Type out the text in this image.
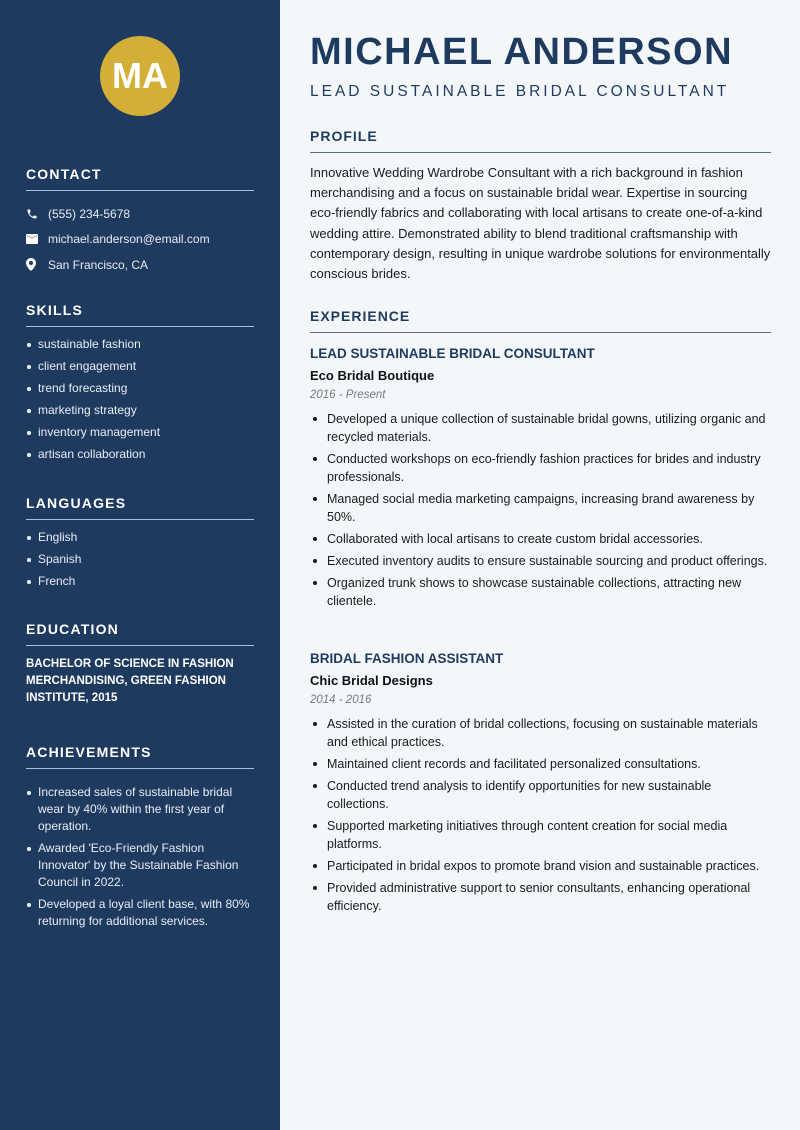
MA
CONTACT
(555) 234-5678
michael.anderson@email.com
San Francisco, CA
SKILLS
sustainable fashion
client engagement
trend forecasting
marketing strategy
inventory management
artisan collaboration
LANGUAGES
English
Spanish
French
EDUCATION

BACHELOR OF SCIENCE IN FASHION MERCHANDISING, GREEN FASHION INSTITUTE, 2015

ACHIEVEMENTS
Increased sales of sustainable bridal wear by 40% within the first year of operation.
Awarded 'Eco-Friendly Fashion Innovator' by the Sustainable Fashion Council in 2022.
Developed a loyal client base, with 80% returning for additional services.
MICHAEL ANDERSON
LEAD SUSTAINABLE BRIDAL CONSULTANT
PROFILE

Innovative Wedding Wardrobe Consultant with a rich background in fashion merchandising and a focus on sustainable bridal wear. Expertise in sourcing eco-friendly fabrics and collaborating with local artisans to create one-of-a-kind wedding attire. Demonstrated ability to blend traditional craftsmanship with contemporary design, resulting in unique wardrobe solutions for environmentally conscious brides.

EXPERIENCE
LEAD SUSTAINABLE BRIDAL CONSULTANT
Eco Bridal Boutique
2016 - Present
Developed a unique collection of sustainable bridal gowns, utilizing organic and recycled materials.
Conducted workshops on eco-friendly fashion practices for brides and industry professionals.
Managed social media marketing campaigns, increasing brand awareness by 50%.
Collaborated with local artisans to create custom bridal accessories.
Executed inventory audits to ensure sustainable sourcing and product offerings.
Organized trunk shows to showcase sustainable collections, attracting new clientele.
BRIDAL FASHION ASSISTANT
Chic Bridal Designs
2014 - 2016
Assisted in the curation of bridal collections, focusing on sustainable materials and ethical practices.
Maintained client records and facilitated personalized consultations.
Conducted trend analysis to identify opportunities for new sustainable collections.
Supported marketing initiatives through content creation for social media platforms.
Participated in bridal expos to promote brand vision and sustainable practices.
Provided administrative support to senior consultants, enhancing operational efficiency.
